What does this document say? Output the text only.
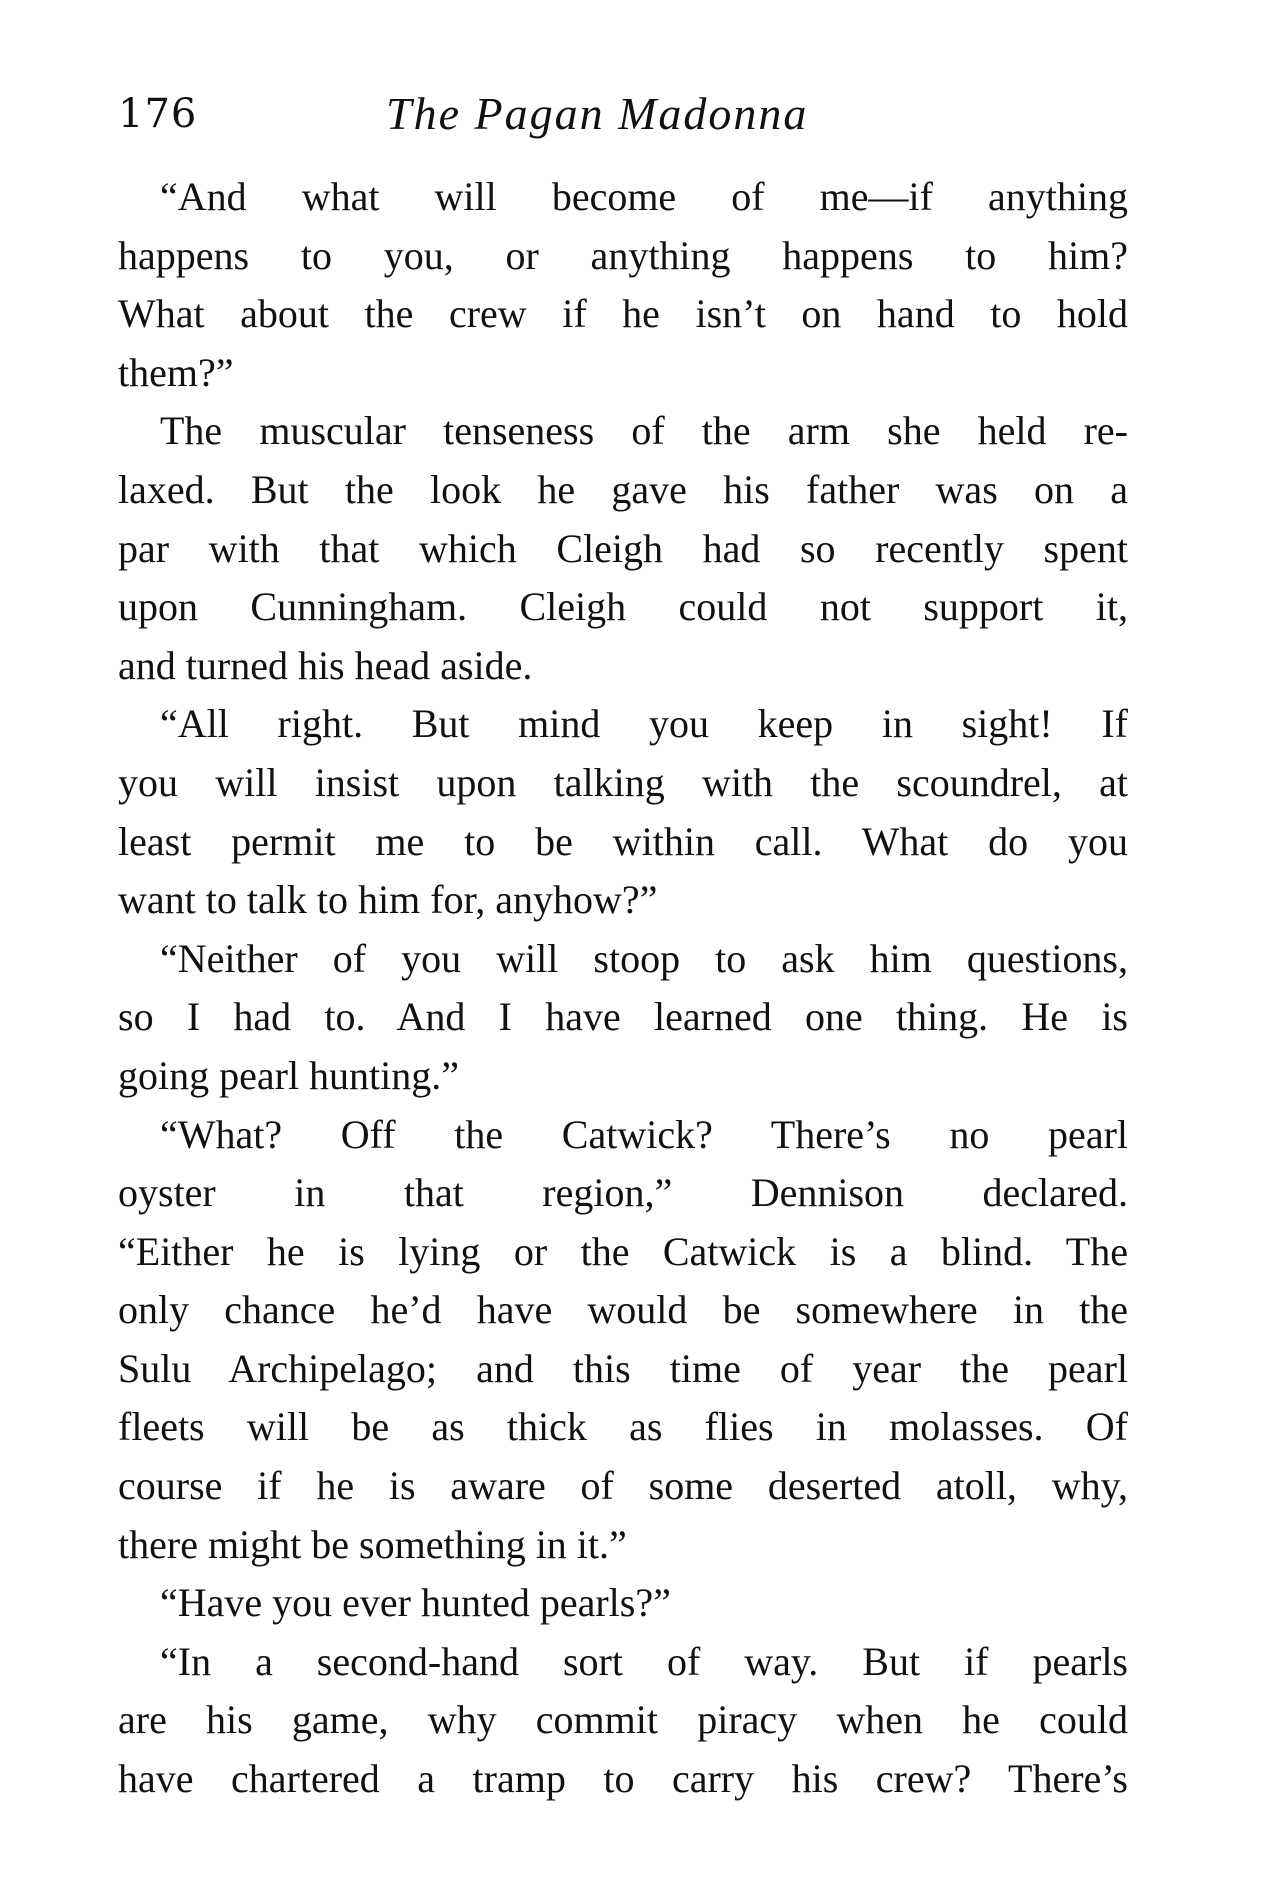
176	The Pagan Madonna
“And what will become of me—if anything
happens to you, or anything happens to him?
What about the crew if he isn’t on hand to hold
them?”
The muscular tenseness of the arm she held re-
laxed. But the look he gave his father was on a
par with that which Cleigh had so recently spent
upon Cunningham. Cleigh could not support it,
and turned his head aside.
“All right. But mind you keep in sight! If
you will insist upon talking with the scoundrel, at
least permit me to be within call. What do you
want to talk to him for, anyhow?”
“Neither of you will stoop to ask him questions,
so I had to. And I have learned one thing. He is
going pearl hunting.”
“What? Off the Catwick? There’s no pearl
oyster in that region,” Dennison declared.
“Either he is lying or the Catwick is a blind. The
only chance he’d have would be somewhere in the
Sulu Archipelago; and this time of year the pearl
fleets will be as thick as flies in molasses. Of
course if he is aware of some deserted atoll, why,
there might be something in it.”
“Have you ever hunted pearls?”
“In a second-hand sort of way. But if pearls
are his game, why commit piracy when he could
have chartered a tramp to carry his crew? There’s
